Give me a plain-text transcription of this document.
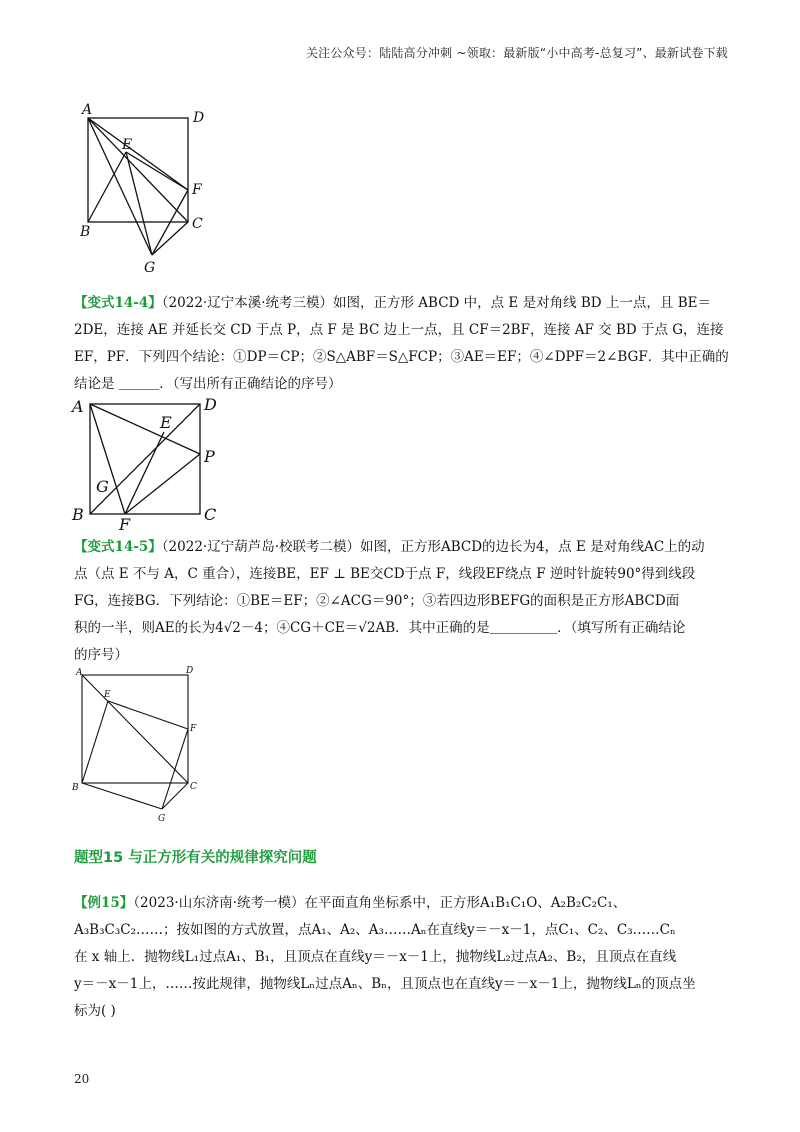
关注公众号：陆陆高分冲刺 ~领取：最新版“小中高考-总复习”、最新试卷下载
A	D
E
F
B	C
G

【变式14-4】（2022·辽宁本溪·统考三模）如图，正方形 ABCD 中，点 E 是对角线 BD 上一点，且 BE＝

2DE，连接 AE 并延长交 CD 于点 P，点 F 是 BC 边上一点，且 CF＝2BF，连接 AF 交 BD 于点 G，连接

EF，PF．下列四个结论：①DP＝CP；②S△ABF＝S△FCP；③AE＝EF；④∠DPF＝2∠BGF．其中正确的

结论是 ＿＿＿．（写出所有正确结论的序号）

A	D
E
P
G
B
F
C

【变式14-5】（2022·辽宁葫芦岛·校联考二模）如图，正方形ABCD的边长为4，点 E 是对角线AC上的动

点（点 E 不与 A，C 重合），连接BE，EF ⊥ BE交CD于点 F，线段EF绕点 F 逆时针旋转90°得到线段

FG，连接BG．下列结论：①BE＝EF；②∠ACG＝90°；③若四边形BEFG的面积是正方形ABCD面

积的一半，则AE的长为4√2－4；④CG＋CE＝√2AB．其中正确的是＿＿＿＿＿．（填写所有正确结论

的序号）

A	D
E
F
B	C
G
题型15 与正方形有关的规律探究问题

【例15】（2023·山东济南·统考一模）在平面直角坐标系中，正方形A₁B₁C₁O、A₂B₂C₂C₁、

A₃B₃C₃C₂……；按如图的方式放置，点A₁、A₂、A₃……Aₙ在直线y＝－x－1，点C₁、C₂、C₃……Cₙ

在 x 轴上．抛物线L₁过点A₁、B₁，且顶点在直线y＝－x－1上，抛物线L₂过点A₂、B₂，且顶点在直线

y＝－x－1上，……按此规律，抛物线Lₙ过点Aₙ、Bₙ，且顶点也在直线y＝－x－1上，抛物线Lₙ的顶点坐

标为( )

20
